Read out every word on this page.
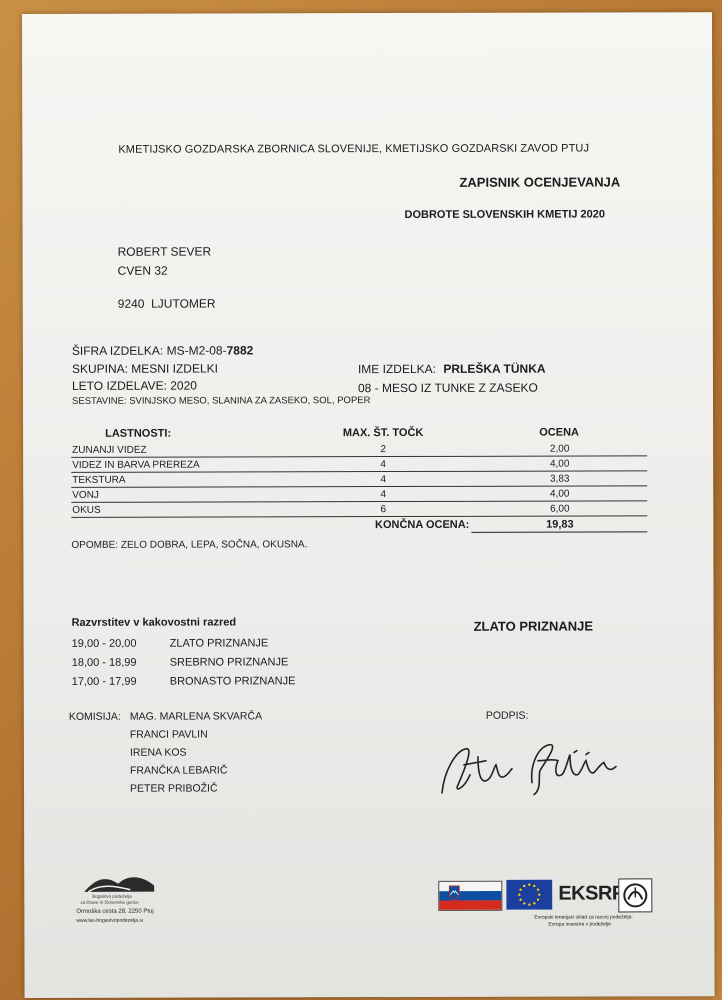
KMETIJSKO GOZDARSKA ZBORNICA SLOVENIJE, KMETIJSKO GOZDARSKI ZAVOD PTUJ
ZAPISNIK OCENJEVANJA
DOBROTE SLOVENSKIH KMETIJ 2020
ROBERT SEVER
CVEN 32
9240  LJUTOMER
ŠIFRA IZDELKA: MS-M2-08-7882
SKUPINA: MESNI IZDELKI
LETO IZDELAVE: 2020
SESTAVINE: SVINJSKO MESO, SLANINA ZA ZASEKO, SOL, POPER
IME IZDELKA: PRLEŠKA TÜNKA
08 - MESO IZ TUNKE Z ZASEKO
LASTNOSTI:	MAX. ŠT. TOČK	OCENA
ZUNANJI VIDEZ	2	2,00
VIDEZ IN BARVA PREREZA	4	4,00
TEKSTURA	4	3,83
VONJ	4	4,00
OKUS	6	6,00
	KONČNA OCENA:	19,83
OPOMBE: ZELO DOBRA, LEPA, SOČNA, OKUSNA.
Razvrstitev v kakovostni razred	ZLATO PRIZNANJE
19,00 - 20,00	ZLATO PRIZNANJE
18,00 - 18,99	SREBRNO PRIZNANJE
17,00 - 17,99	BRONASTO PRIZNANJE
KOMISIJA: MAG. MARLENA SKVARČA
FRANCI PAVLIN
IRENA KOS
FRANČKA LEBARIČ
PETER PRIBOŽIČ
PODPIS:
Bogastvo podeželja
za Drave in Slovenske gorice
Ormoška cesta 28, 2250 Ptuj
www.las-bogastvopodezelja.si
EKSRP
Evropski kmetijski sklad za razvoj podeželja:
Evropa investira v podeželje
